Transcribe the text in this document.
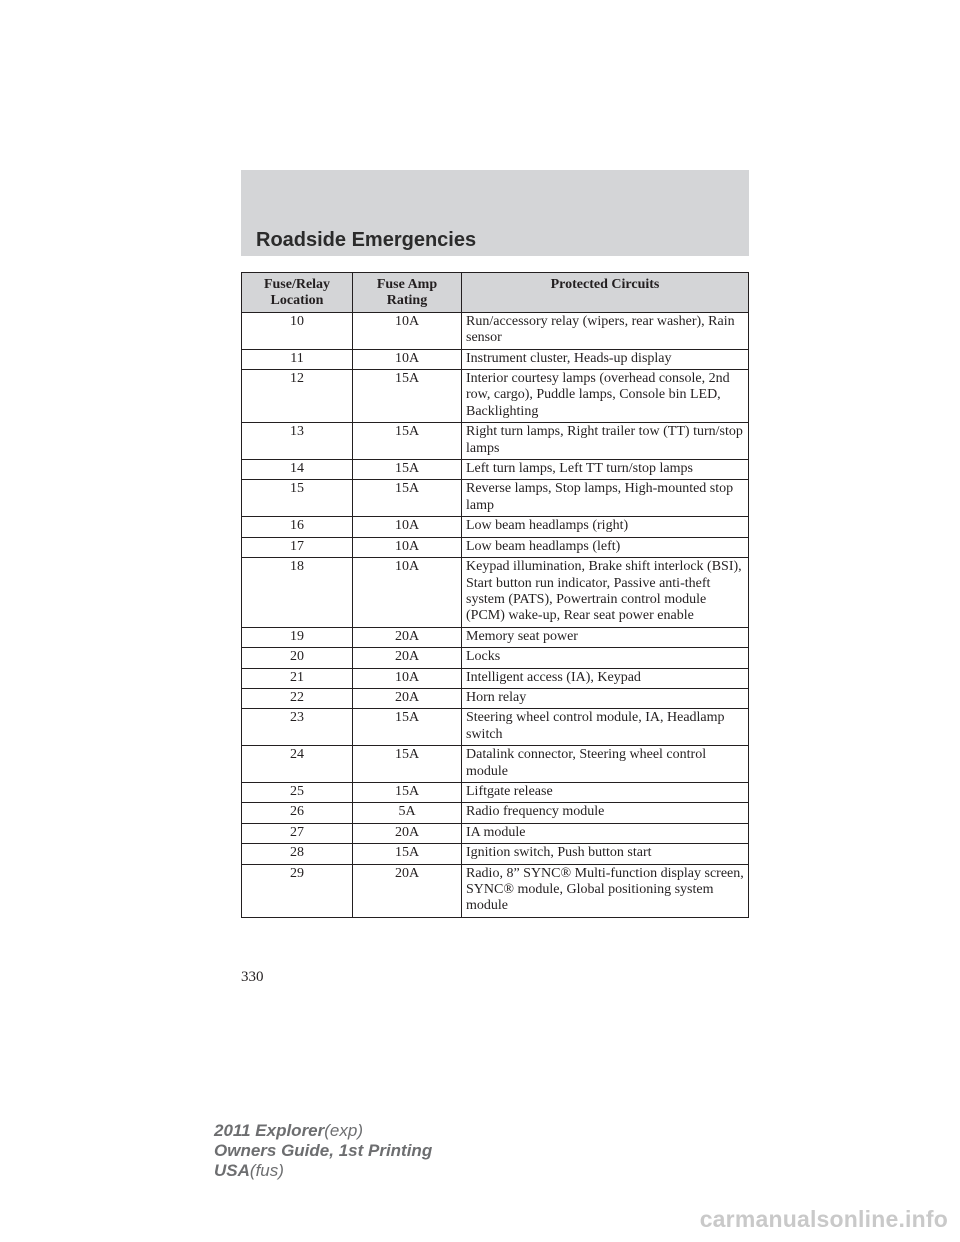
Roadside Emergencies
Fuse/Relay Location	Fuse Amp Rating	Protected Circuits
10	10A	Run/accessory relay (wipers, rear washer), Rain sensor
11	10A	Instrument cluster, Heads-up display
12	15A	Interior courtesy lamps (overhead console, 2nd row, cargo), Puddle lamps, Console bin LED, Backlighting
13	15A	Right turn lamps, Right trailer tow (TT) turn/stop lamps
14	15A	Left turn lamps, Left TT turn/stop lamps
15	15A	Reverse lamps, Stop lamps, High-mounted stop lamp
16	10A	Low beam headlamps (right)
17	10A	Low beam headlamps (left)
18	10A	Keypad illumination, Brake shift interlock (BSI), Start button run indicator, Passive anti-theft system (PATS), Powertrain control module (PCM) wake-up, Rear seat power enable
19	20A	Memory seat power
20	20A	Locks
21	10A	Intelligent access (IA), Keypad
22	20A	Horn relay
23	15A	Steering wheel control module, IA, Headlamp switch
24	15A	Datalink connector, Steering wheel control module
25	15A	Liftgate release
26	5A	Radio frequency module
27	20A	IA module
28	15A	Ignition switch, Push button start
29	20A	Radio, 8” SYNC® Multi-function display screen, SYNC® module, Global positioning system module
330
2011 Explorer(exp)
Owners Guide, 1st Printing
USA(fus)
carmanualsonline.info
